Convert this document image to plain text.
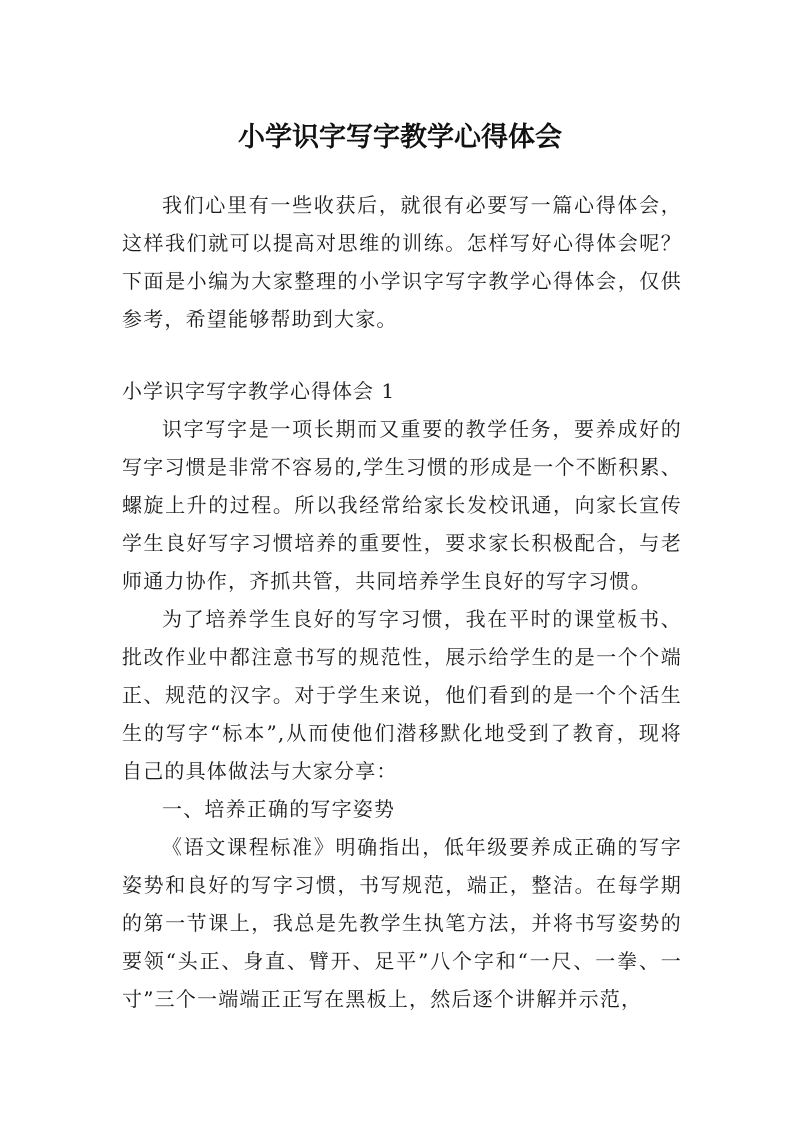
小学识字写字教学心得体会

我们心里有一些收获后，就很有必要写一篇心得体会，这样我们就可以提高对思维的训练。怎样写好心得体会呢？下面是小编为大家整理的小学识字写字教学心得体会，仅供参考，希望能够帮助到大家。

小学识字写字教学心得体会 1

识字写字是一项长期而又重要的教学任务，要养成好的写字习惯是非常不容易的,学生习惯的形成是一个不断积累、螺旋上升的过程。所以我经常给家长发校讯通，向家长宣传学生良好写字习惯培养的重要性，要求家长积极配合，与老师通力协作，齐抓共管，共同培养学生良好的写字习惯。

为了培养学生良好的写字习惯，我在平时的课堂板书、批改作业中都注意书写的规范性，展示给学生的是一个个端正、规范的汉字。对于学生来说，他们看到的是一个个活生生的写字“标本”,从而使他们潜移默化地受到了教育，现将自己的具体做法与大家分享：

一、培养正确的写字姿势

《语文课程标准》明确指出，低年级要养成正确的写字姿势和良好的写字习惯，书写规范，端正，整洁。在每学期的第一节课上，我总是先教学生执笔方法，并将书写姿势的要领“头正、身直、臂开、足平”八个字和“一尺、一拳、一寸”三个一端端正正写在黑板上，然后逐个讲解并示范，
